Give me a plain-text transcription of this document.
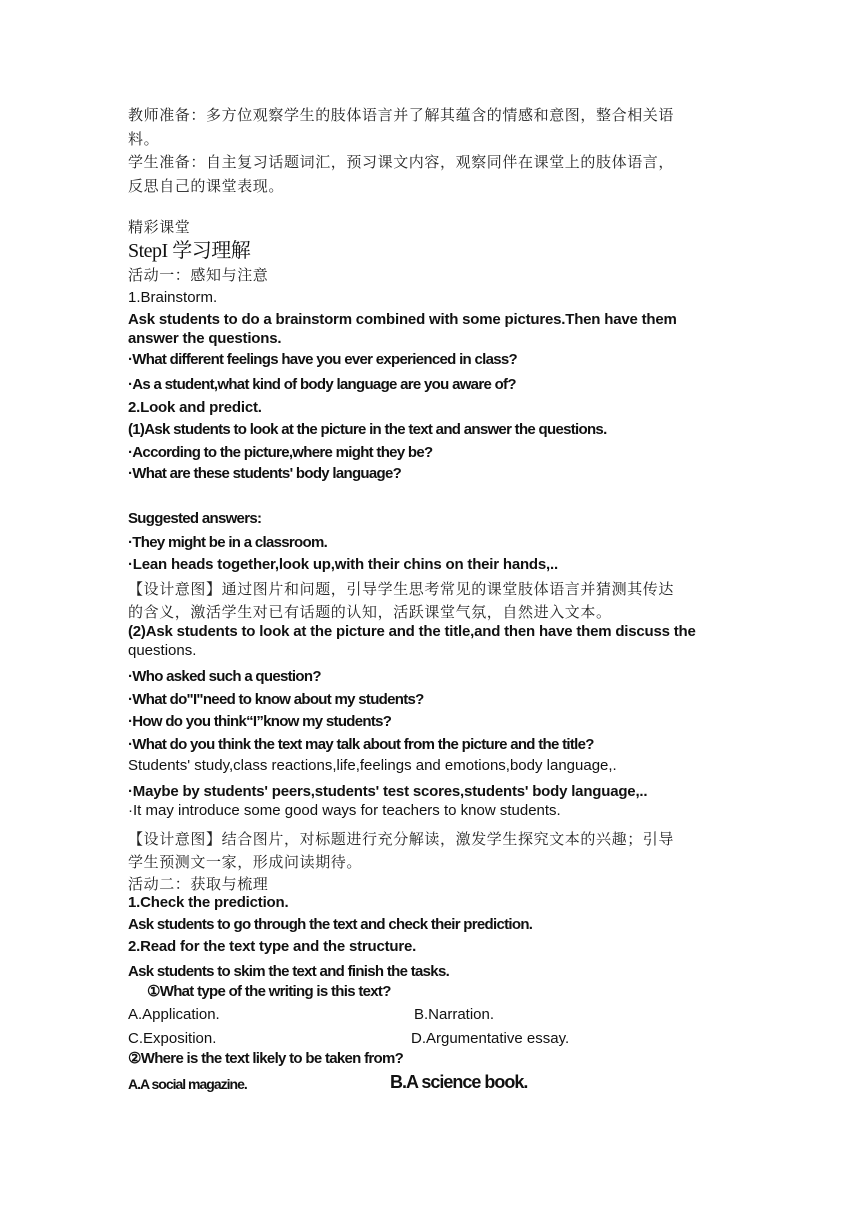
教师准备：多方位观察学生的肢体语言并了解其蕴含的情感和意图，整合相关语
料。
学生准备：自主复习话题词汇，预习课文内容，观察同伴在课堂上的肢体语言，
反思自己的课堂表现。
精彩课堂
StepI 学习理解
活动一：感知与注意
1.Brainstorm.
Ask students to do a brainstorm combined with some pictures.Then have them
answer the questions.
·What different feelings have you ever experienced in class?
·As a student,what kind of body language are you aware of?
2.Look and predict.
(1)Ask students to look at the picture in the text and answer the questions.
·According to the picture,where might they be?
·What are these students' body language?
Suggested answers:
·They might be in a classroom.
·Lean heads together,look up,with their chins on their hands,..
【设计意图】通过图片和问题，引导学生思考常见的课堂肢体语言并猜测其传达
的含义，激活学生对已有话题的认知，活跃课堂气氛，自然进入文本。
(2)Ask students to look at the picture and the title,and then have them discuss the
questions.
·Who asked such a question?
·What do"I"need to know about my students?
·How do you think“I”know my students?
·What do you think the text may talk about from the picture and the title?
Students' study,class reactions,life,feelings and emotions,body language,.
·Maybe by students' peers,students' test scores,students' body language,..
·It may introduce some good ways for teachers to know students.
【设计意图】结合图片，对标题进行充分解读，激发学生探究文本的兴趣；引导
学生预测文一家，形成问读期待。
活动二：获取与梳理
1.Check the prediction.
Ask students to go through the text and check their prediction.
2.Read for the text type and the structure.
Ask students to skim the text and finish the tasks.
①What type of the writing is this text?
A.Application.	B.Narration.
C.Exposition.	D.Argumentative essay.
②Where is the text likely to be taken from?
A.A social magazine.	B.A science book.
